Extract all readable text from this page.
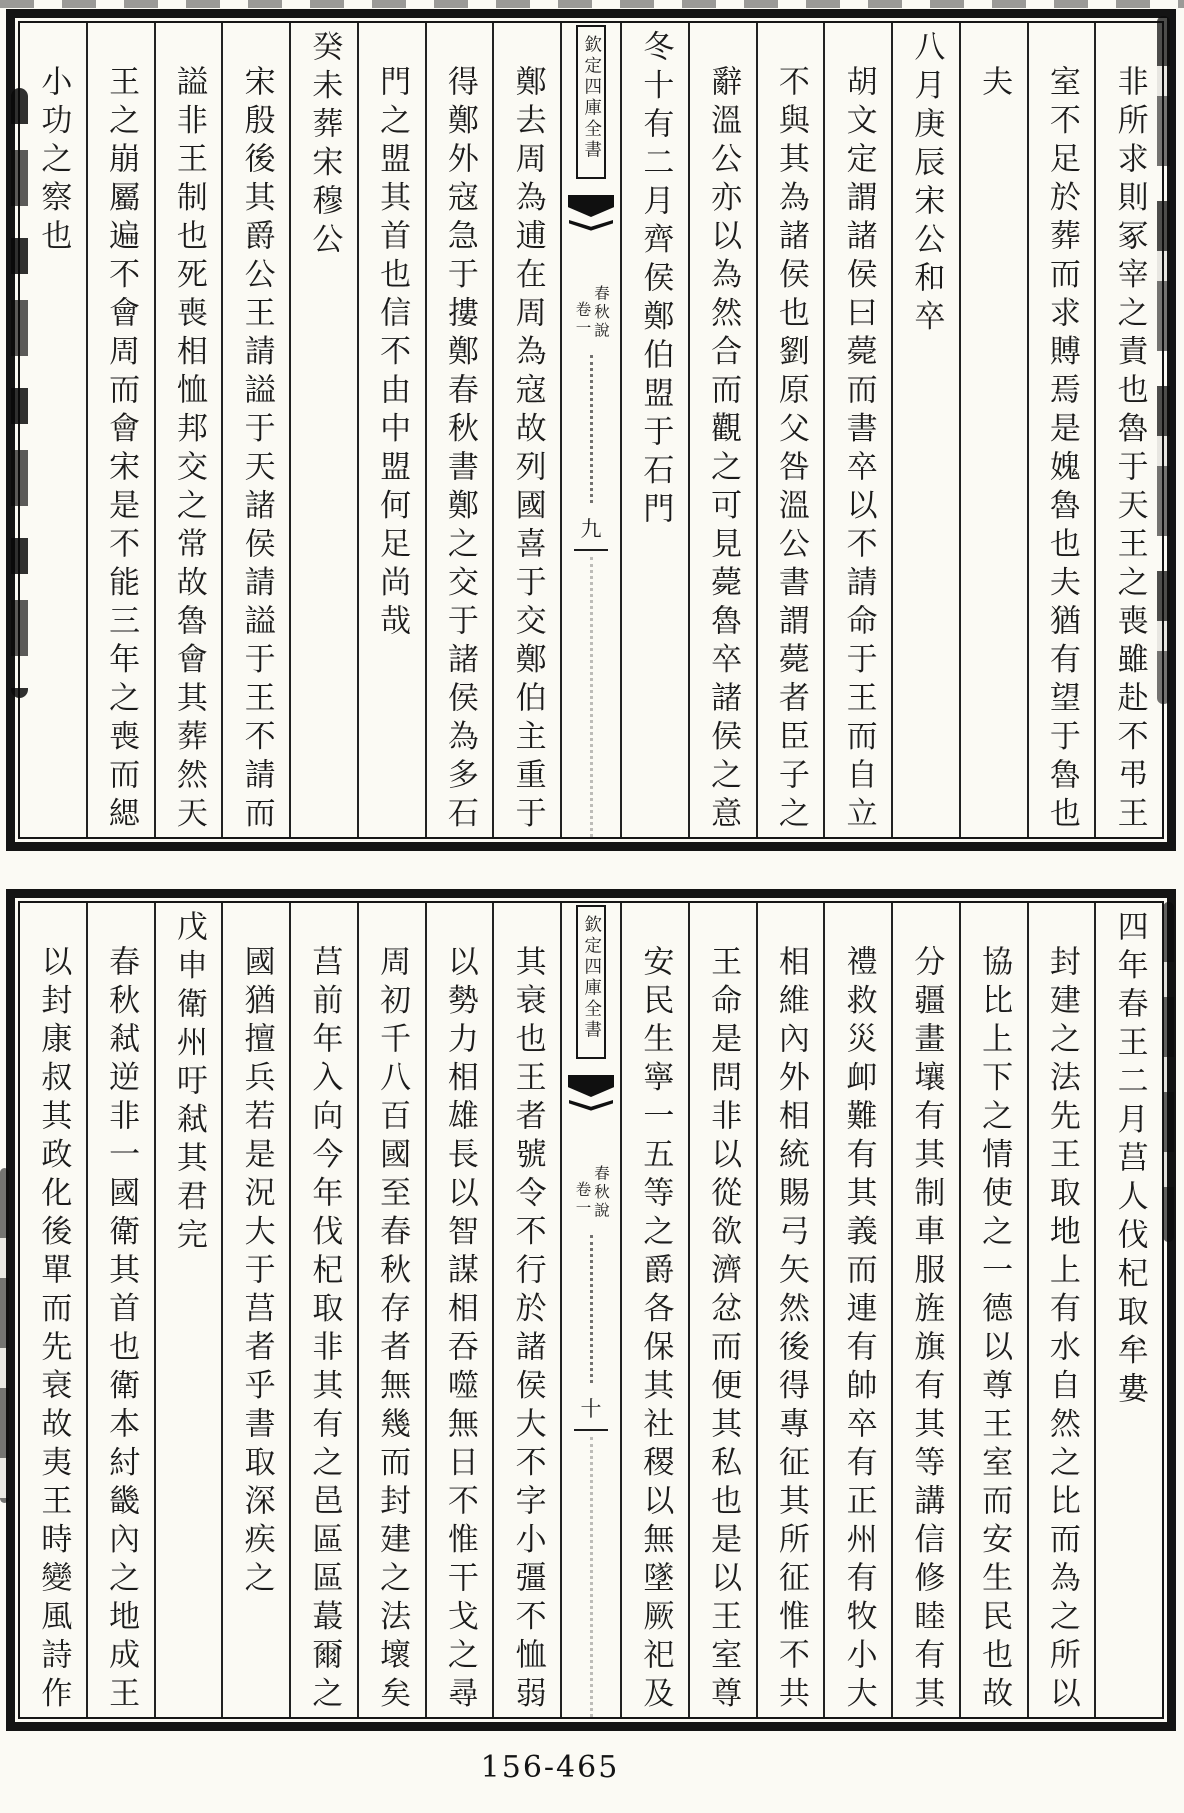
非所求則冢宰之責也魯于天王之喪雖赴不弔王
室不足於葬而求賻焉是媿魯也夫猶有望于魯也
夫
八月庚辰宋公和卒
胡文定謂諸侯曰薨而書卒以不請命于王而自立
不與其為諸侯也劉原父咎溫公書謂薨者臣子之
辭溫公亦以為然合而觀之可見薨魯卒諸侯之意
冬十有二月齊侯鄭伯盟于石門
欽定四庫全書
春秋說
卷一
九
鄭去周為逋在周為寇故列國喜于交鄭伯主重于
得鄭外寇急于摟鄭春秋書鄭之交于諸侯為多石
門之盟其首也信不由中盟何足尚哉
癸未葬宋穆公
宋殷後其爵公王請謚于天諸侯請謚于王不請而
謚非王制也死喪相恤邦交之常故魯會其葬然天
王之崩屬遍不會周而會宋是不能三年之喪而緦
小功之察也
四年春王二月莒人伐杞取牟婁
封建之法先王取地上有水自然之比而為之所以
協比上下之情使之一德以尊王室而安生民也故
分疆畫壤有其制車服旌旗有其等講信修睦有其
禮救災卹難有其義而連有帥卒有正州有牧小大
相維內外相統賜弓矢然後得專征其所征惟不共
王命是問非以從欲濟忿而便其私也是以王室尊
安民生寧一五等之爵各保其社稷以無墜厥祀及
欽定四庫全書
春秋說
卷一
十
其衰也王者號令不行於諸侯大不字小彊不恤弱
以勢力相雄長以智謀相吞噬無日不惟干戈之尋
周初千八百國至春秋存者無幾而封建之法壞矣
莒前年入向今年伐杞取非其有之邑區區蕞爾之
國猶擅兵若是況大于莒者乎書取深疾之
戊申衛州吁弒其君完
春秋弒逆非一國衛其首也衛本紂畿內之地成王
以封康叔其政化後單而先衰故夷王時變風詩作
156-465
